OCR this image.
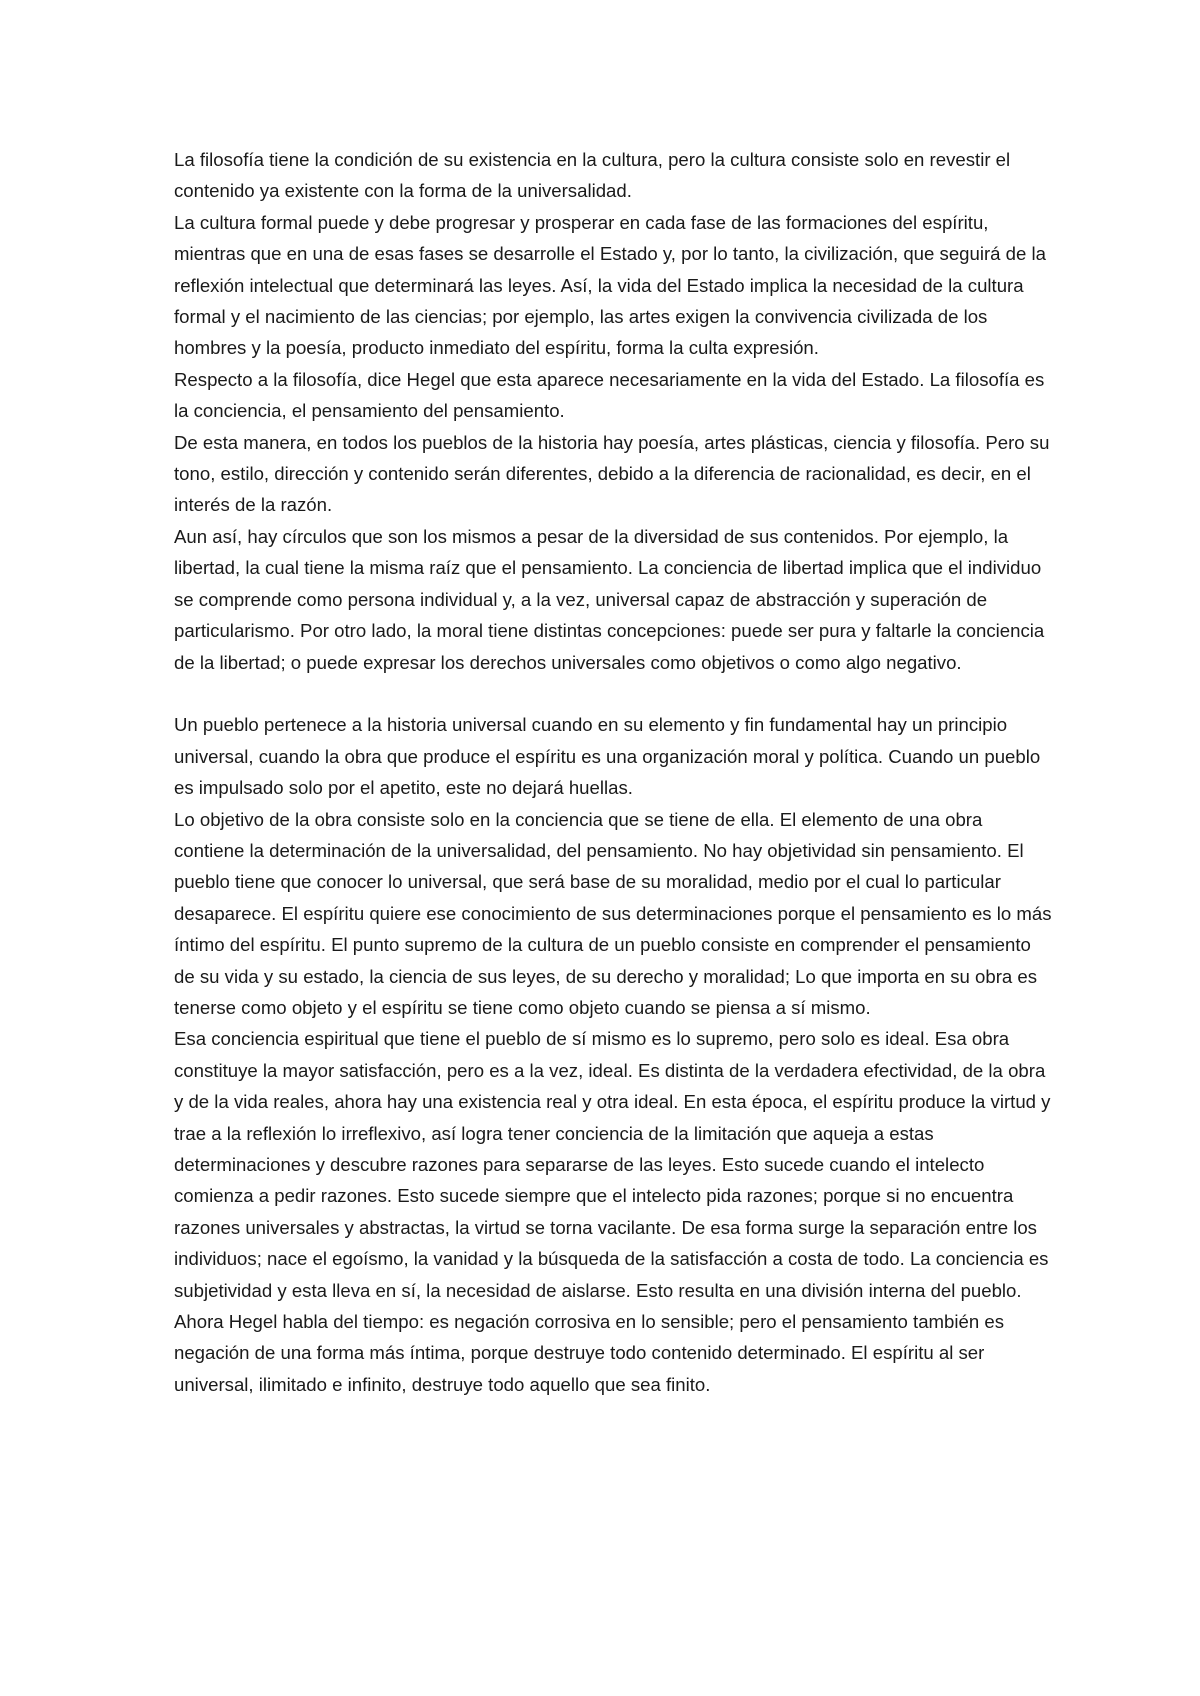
La filosofía tiene la condición de su existencia en la cultura, pero la cultura consiste solo en revestir el contenido ya existente con la forma de la universalidad.

La cultura formal puede y debe progresar y prosperar en cada fase de las formaciones del espíritu, mientras que en una de esas fases se desarrolle el Estado y, por lo tanto, la civilización, que seguirá de la reflexión intelectual que determinará las leyes. Así, la vida del Estado implica la necesidad de la cultura formal y el nacimiento de las ciencias; por ejemplo, las artes exigen la convivencia civilizada de los hombres y la poesía, producto inmediato del espíritu, forma la culta expresión.

Respecto a la filosofía, dice Hegel que esta aparece necesariamente en la vida del Estado. La filosofía es la conciencia, el pensamiento del pensamiento.

De esta manera, en todos los pueblos de la historia hay poesía, artes plásticas, ciencia y filosofía. Pero su tono, estilo, dirección y contenido serán diferentes, debido a la diferencia de racionalidad, es decir, en el interés de la razón.

Aun así, hay círculos que son los mismos a pesar de la diversidad de sus contenidos. Por ejemplo, la libertad, la cual tiene la misma raíz que el pensamiento. La conciencia de libertad implica que el individuo se comprende como persona individual y, a la vez, universal capaz de abstracción y superación de particularismo. Por otro lado, la moral tiene distintas concepciones: puede ser pura y faltarle la conciencia de la libertad; o puede expresar los derechos universales como objetivos o como algo negativo.

Un pueblo pertenece a la historia universal cuando en su elemento y fin fundamental hay un principio universal, cuando la obra que produce el espíritu es una organización moral y política. Cuando un pueblo es impulsado solo por el apetito, este no dejará huellas.

Lo objetivo de la obra consiste solo en la conciencia que se tiene de ella. El elemento de una obra contiene la determinación de la universalidad, del pensamiento. No hay objetividad sin pensamiento. El pueblo tiene que conocer lo universal, que será base de su moralidad, medio por el cual lo particular desaparece. El espíritu quiere ese conocimiento de sus determinaciones porque el pensamiento es lo más íntimo del espíritu. El punto supremo de la cultura de un pueblo consiste en comprender el pensamiento de su vida y su estado, la ciencia de sus leyes, de su derecho y moralidad; Lo que importa en su obra es tenerse como objeto y el espíritu se tiene como objeto cuando se piensa a sí mismo.

Esa conciencia espiritual que tiene el pueblo de sí mismo es lo supremo, pero solo es ideal. Esa obra constituye la mayor satisfacción, pero es a la vez, ideal. Es distinta de la verdadera efectividad, de la obra y de la vida reales, ahora hay una existencia real y otra ideal. En esta época, el espíritu produce la virtud y trae a la reflexión lo irreflexivo, así logra tener conciencia de la limitación que aqueja a estas determinaciones y descubre razones para separarse de las leyes. Esto sucede cuando el intelecto comienza a pedir razones. Esto sucede siempre que el intelecto pida razones; porque si no encuentra razones universales y abstractas, la virtud se torna vacilante. De esa forma surge la separación entre los individuos; nace el egoísmo, la vanidad y la búsqueda de la satisfacción a costa de todo. La conciencia es subjetividad y esta lleva en sí, la necesidad de aislarse. Esto resulta en una división interna del pueblo.

Ahora Hegel habla del tiempo: es negación corrosiva en lo sensible; pero el pensamiento también es negación de una forma más íntima, porque destruye todo contenido determinado. El espíritu al ser universal, ilimitado e infinito, destruye todo aquello que sea finito.
